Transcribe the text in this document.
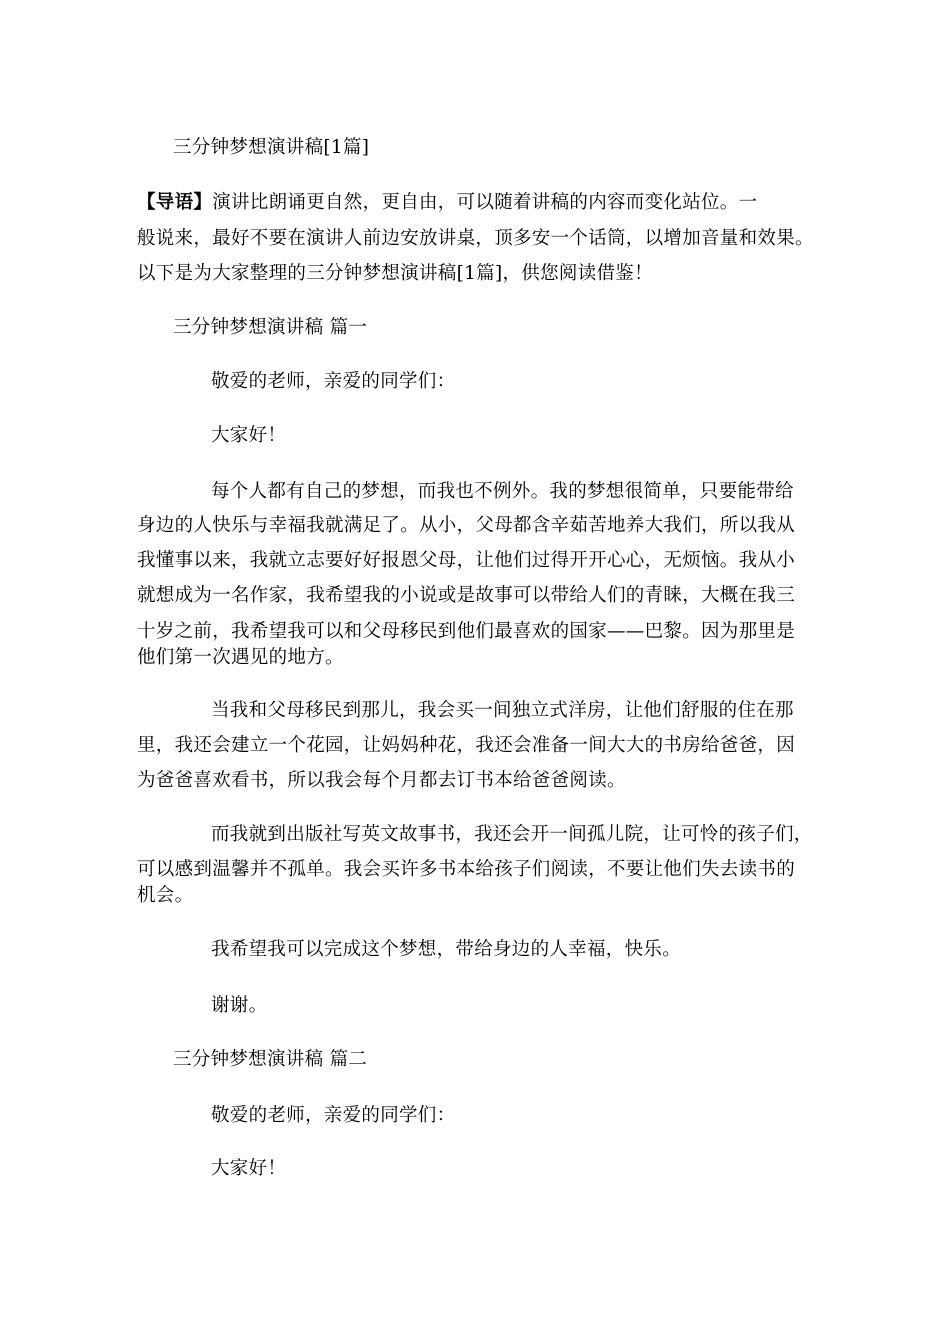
三分钟梦想演讲稿[1篇]
【导语】演讲比朗诵更自然，更自由，可以随着讲稿的内容而变化站位。一
般说来，最好不要在演讲人前边安放讲桌，顶多安一个话筒，以增加音量和效果。
以下是为大家整理的三分钟梦想演讲稿[1篇]，供您阅读借鉴！
三分钟梦想演讲稿 篇一
敬爱的老师，亲爱的同学们：
大家好！
每个人都有自己的梦想，而我也不例外。我的梦想很简单，只要能带给
身边的人快乐与幸福我就满足了。从小，父母都含辛茹苦地养大我们，所以我从
我懂事以来，我就立志要好好报恩父母，让他们过得开开心心，无烦恼。我从小
就想成为一名作家，我希望我的小说或是故事可以带给人们的青睐，大概在我三
十岁之前，我希望我可以和父母移民到他们最喜欢的国家——巴黎。因为那里是
他们第一次遇见的地方。
当我和父母移民到那儿，我会买一间独立式洋房，让他们舒服的住在那
里，我还会建立一个花园，让妈妈种花，我还会准备一间大大的书房给爸爸，因
为爸爸喜欢看书，所以我会每个月都去订书本给爸爸阅读。
而我就到出版社写英文故事书，我还会开一间孤儿院，让可怜的孩子们，
可以感到温馨并不孤单。我会买许多书本给孩子们阅读，不要让他们失去读书的
机会。
我希望我可以完成这个梦想，带给身边的人幸福，快乐。
谢谢。
三分钟梦想演讲稿 篇二
敬爱的老师，亲爱的同学们：
大家好！
